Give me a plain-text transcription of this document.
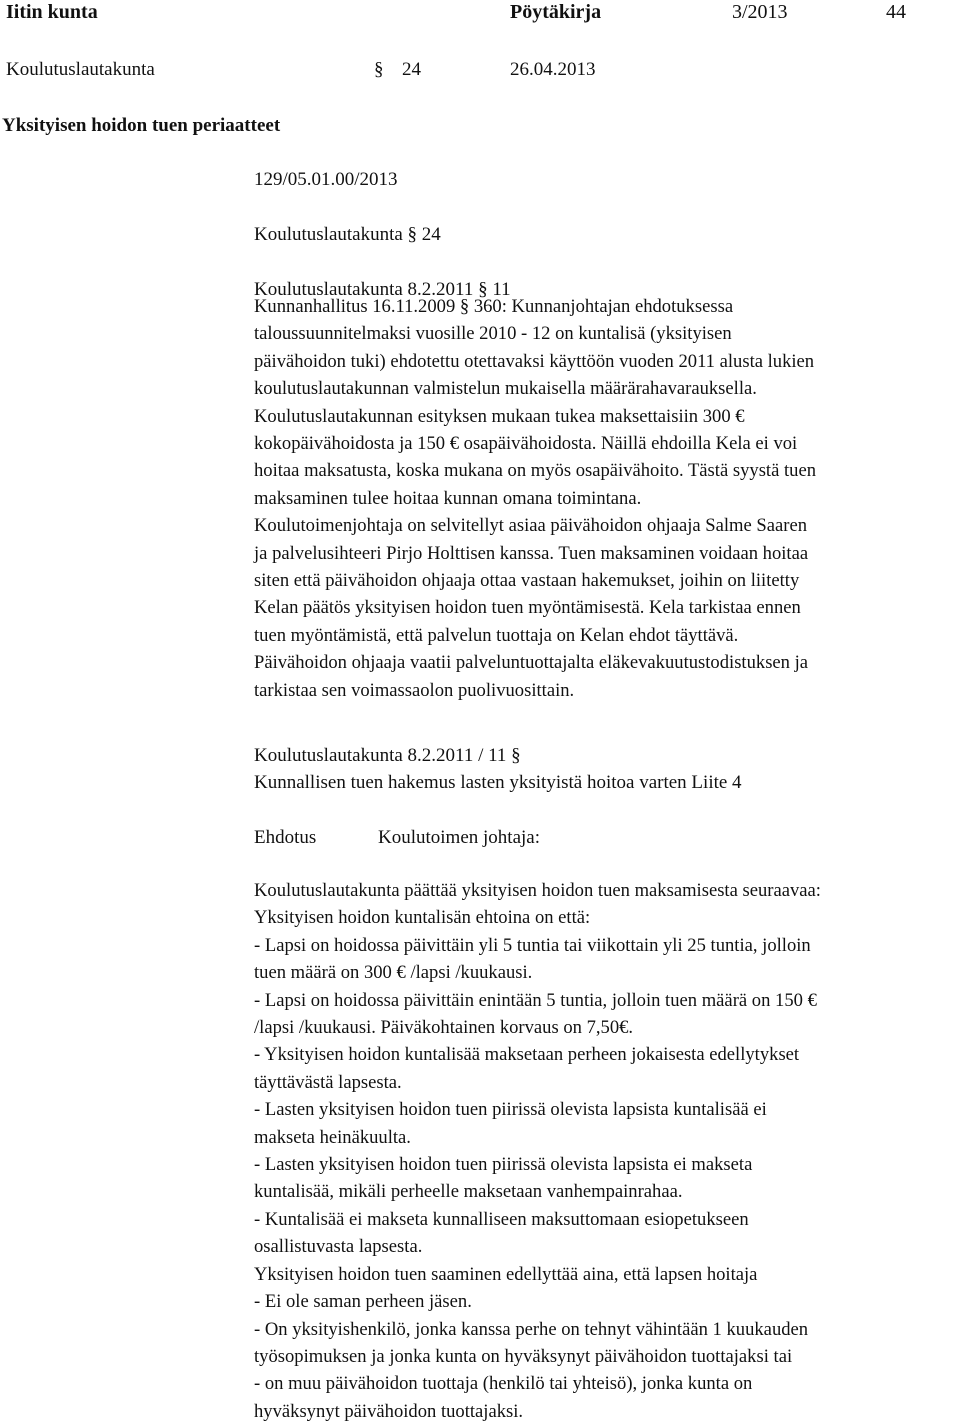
Iitin kunta	Pöytäkirja	3/2013	44
Koulutuslautakunta	§ 24	26.04.2013
Yksityisen hoidon tuen periaatteet
129/05.01.00/2013
Koulutuslautakunta § 24
Koulutuslautakunta 8.2.2011 § 11
Kunnanhallitus 16.11.2009 § 360: Kunnanjohtajan ehdotuksessa
taloussuunnitelmaksi vuosille 2010 - 12 on kuntalisä (yksityisen
päivähoidon tuki) ehdotettu otettavaksi käyttöön vuoden 2011 alusta lukien
koulutuslautakunnan valmistelun mukaisella määrärahavarauksella.
Koulutuslautakunnan esityksen mukaan tukea maksettaisiin 300 €
kokopäivähoidosta ja 150 € osapäivähoidosta. Näillä ehdoilla Kela ei voi
hoitaa maksatusta, koska mukana on myös osapäivähoito. Tästä syystä tuen
maksaminen tulee hoitaa kunnan omana toimintana.
Koulutoimenjohtaja on selvitellyt asiaa päivähoidon ohjaaja Salme Saaren
ja palvelusihteeri Pirjo Holttisen kanssa. Tuen maksaminen voidaan hoitaa
siten että päivähoidon ohjaaja ottaa vastaan hakemukset, joihin on liitetty
Kelan päätös yksityisen hoidon tuen myöntämisestä. Kela tarkistaa ennen
tuen myöntämistä, että palvelun tuottaja on Kelan ehdot täyttävä.
Päivähoidon ohjaaja vaatii palveluntuottajalta eläkevakuutustodistuksen ja
tarkistaa sen voimassaolon puolivuosittain.
Koulutuslautakunta 8.2.2011 / 11 §
Kunnallisen tuen hakemus lasten yksityistä hoitoa varten Liite 4
Ehdotus	Koulutoimen johtaja:
Koulutuslautakunta päättää yksityisen hoidon tuen maksamisesta seuraavaa:
Yksityisen hoidon kuntalisän ehtoina on että:
- Lapsi on hoidossa päivittäin yli 5 tuntia tai viikottain yli 25 tuntia, jolloin
tuen määrä on 300 € /lapsi /kuukausi.
- Lapsi on hoidossa päivittäin enintään 5 tuntia, jolloin tuen määrä on 150 €
/lapsi /kuukausi. Päiväkohtainen korvaus on 7,50€.
- Yksityisen hoidon kuntalisää maksetaan perheen jokaisesta edellytykset
täyttävästä lapsesta.
- Lasten yksityisen hoidon tuen piirissä olevista lapsista kuntalisää ei
makseta heinäkuulta.
- Lasten yksityisen hoidon tuen piirissä olevista lapsista ei makseta
kuntalisää, mikäli perheelle maksetaan vanhempainrahaa.
- Kuntalisää ei makseta kunnalliseen maksuttomaan esiopetukseen
osallistuvasta lapsesta.
Yksityisen hoidon tuen saaminen edellyttää aina, että lapsen hoitaja
- Ei ole saman perheen jäsen.
- On yksityishenkilö, jonka kanssa perhe on tehnyt vähintään 1 kuukauden
työsopimuksen ja jonka kunta on hyväksynyt päivähoidon tuottajaksi tai
- on muu päivähoidon tuottaja (henkilö tai yhteisö), jonka kunta on
hyväksynyt päivähoidon tuottajaksi.
